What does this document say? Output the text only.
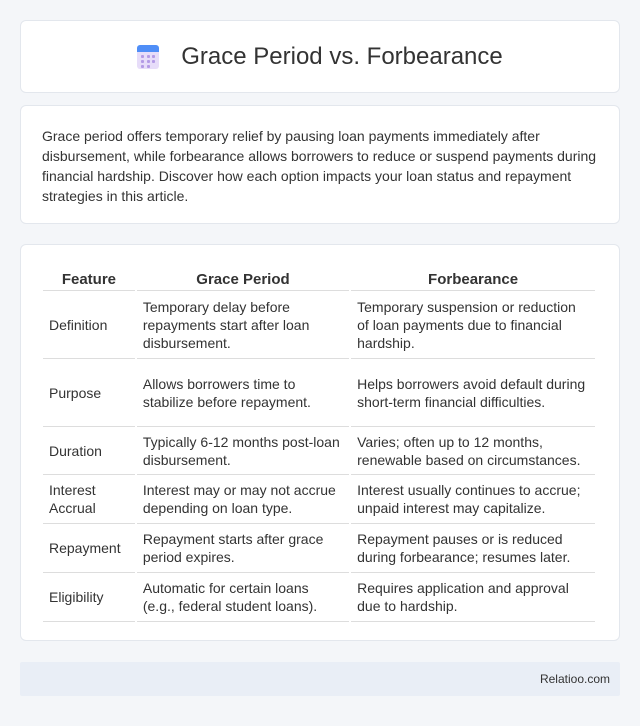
Grace Period vs. Forbearance

Grace period offers temporary relief by pausing loan payments immediately after disbursement, while forbearance allows borrowers to reduce or suspend payments during financial hardship. Discover how each option impacts your loan status and repayment strategies in this article.

Feature	Grace Period	Forbearance
Definition	Temporary delay before repayments start after loan disbursement.	Temporary suspension or reduction of loan payments due to financial hardship.
Purpose	Allows borrowers time to stabilize before repayment.	Helps borrowers avoid default during short-term financial difficulties.
Duration	Typically 6-12 months post-loan disbursement.	Varies; often up to 12 months, renewable based on circumstances.
Interest Accrual	Interest may or may not accrue depending on loan type.	Interest usually continues to accrue; unpaid interest may capitalize.
Repayment	Repayment starts after grace period expires.	Repayment pauses or is reduced during forbearance; resumes later.
Eligibility	Automatic for certain loans (e.g., federal student loans).	Requires application and approval due to hardship.
Relatioo.com
